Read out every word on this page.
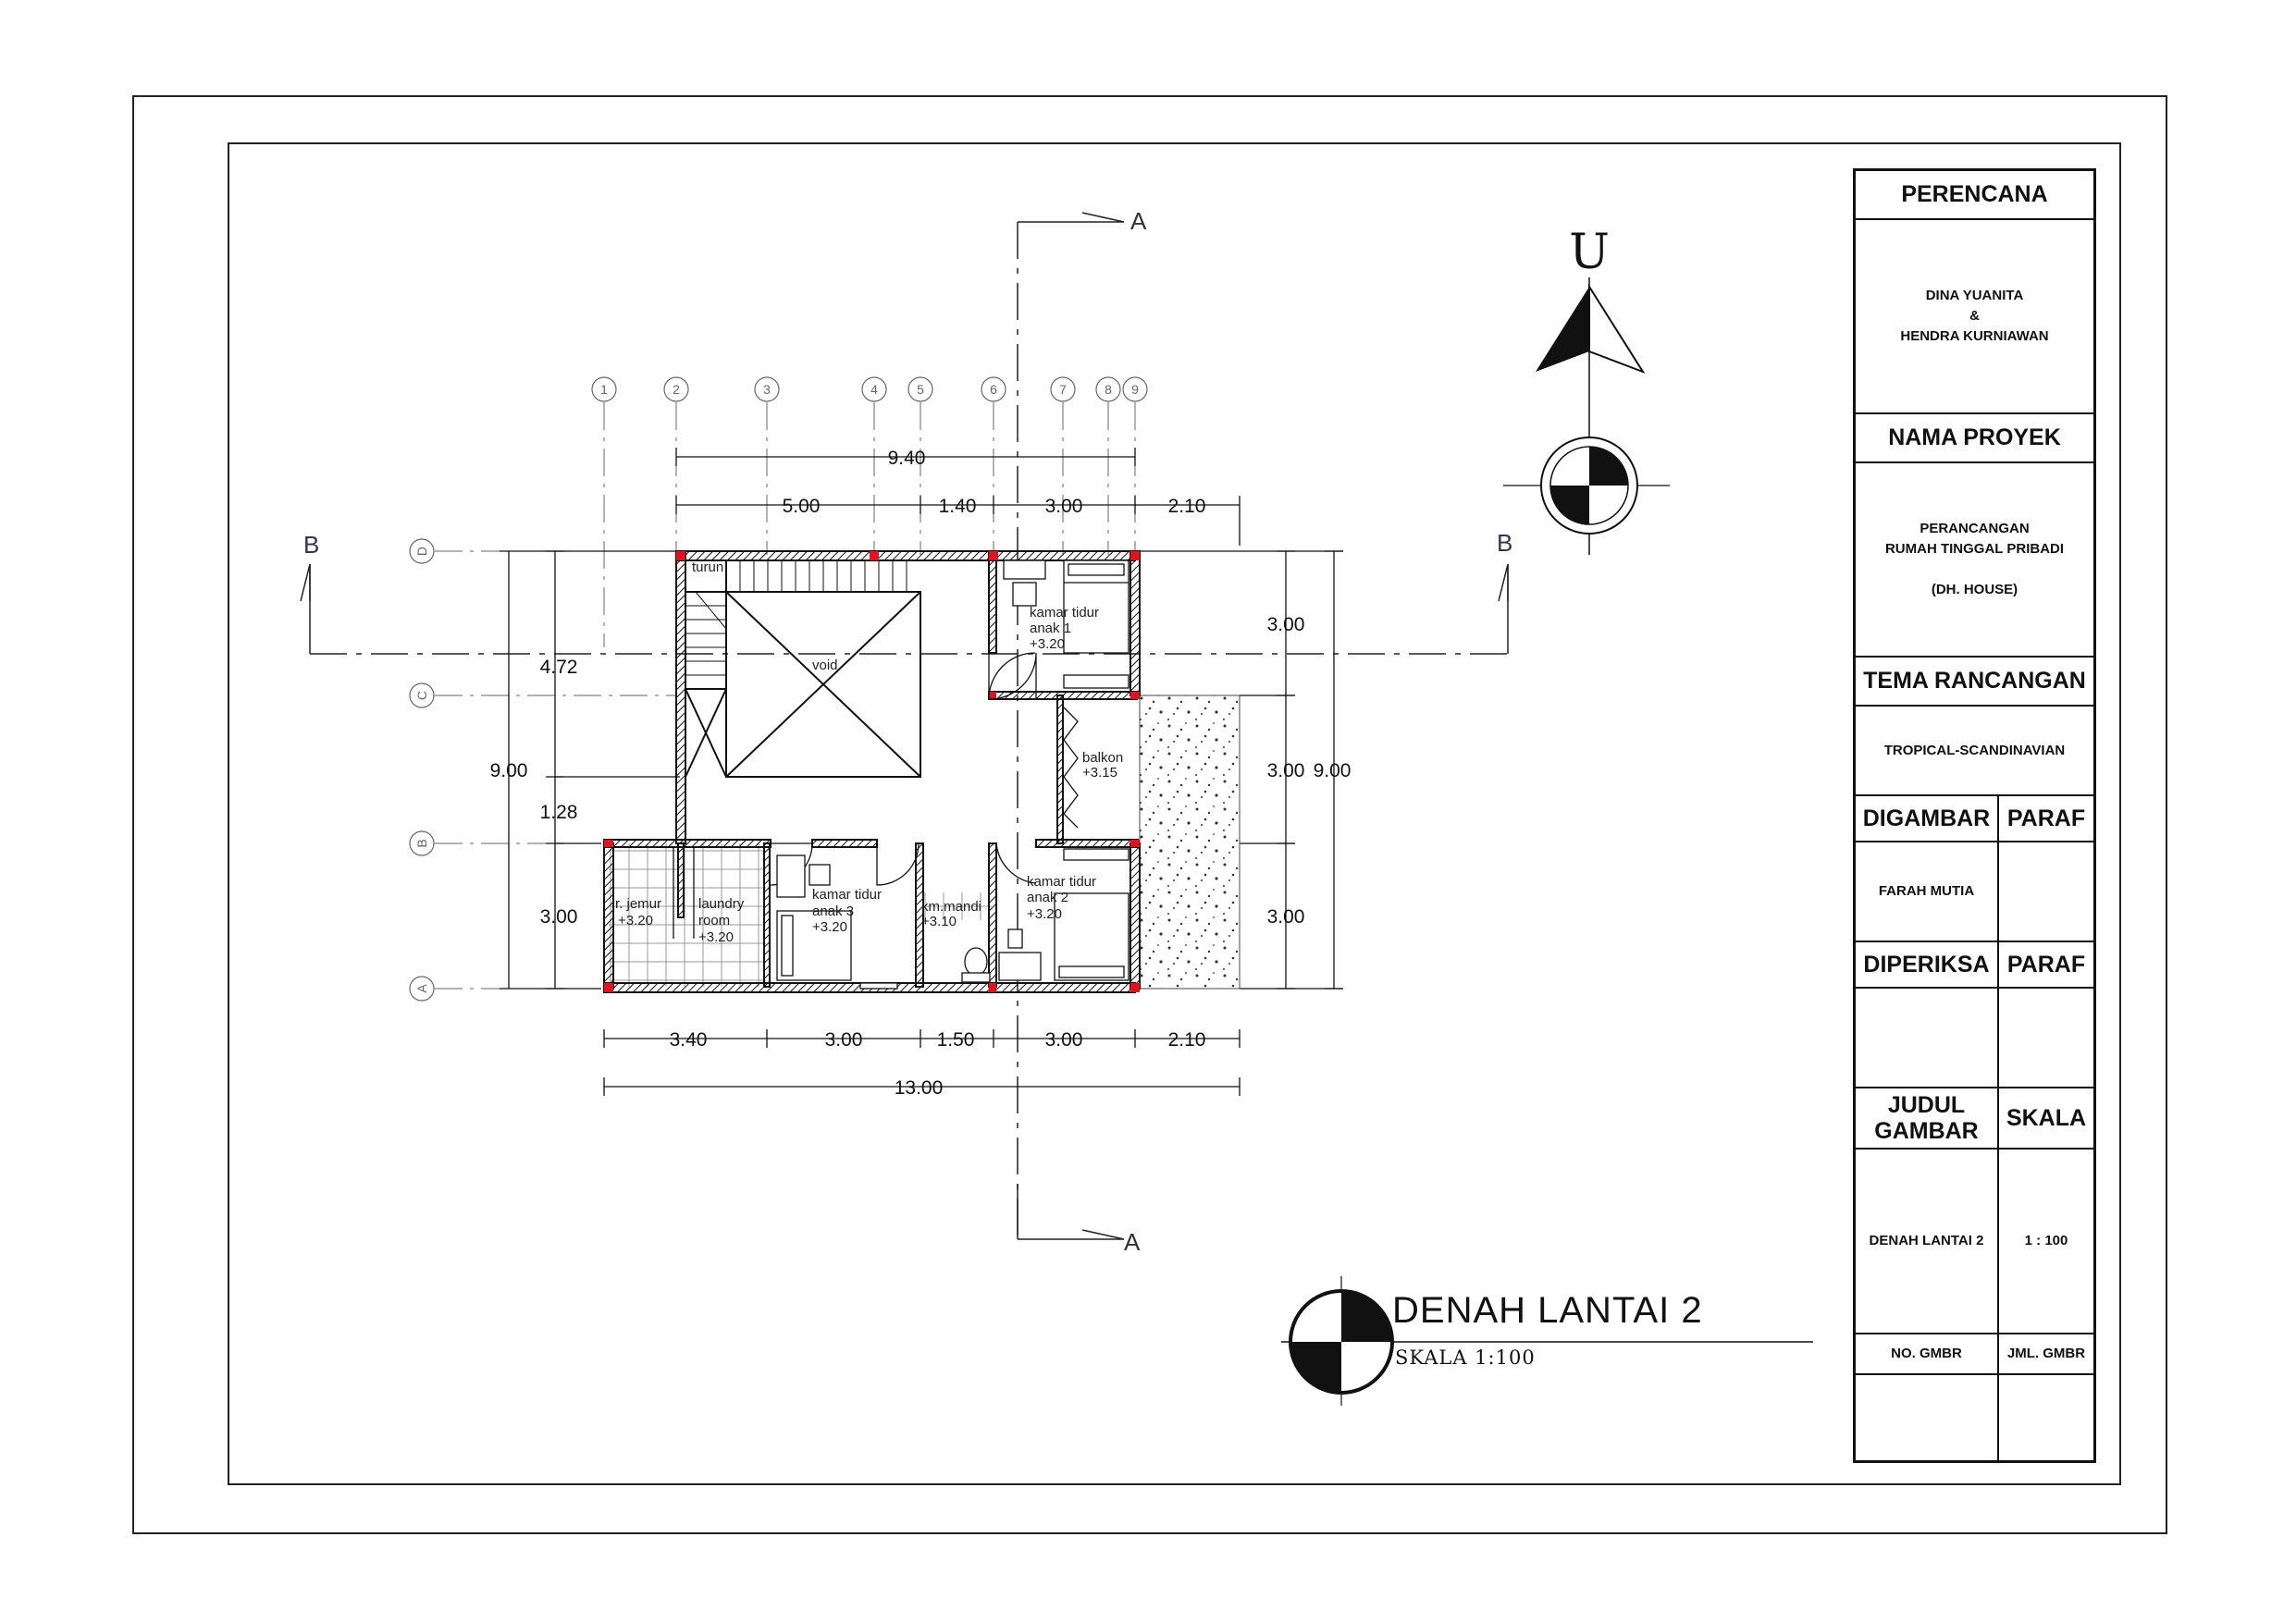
A
A
B	B
1	2	3	4	5	6	7	8 9
D
C
B
A
9.40
5.00	1.40	3.00	2.10
3.40	3.00	1.50	3.00	2.10
13.00
9.00
4.72
1.28
3.00
3.00
3.00
3.00
9.00
turun
void
kamar tidur
anak 1
+3.20
balkon
+3.15
kamar tidur
anak 2
+3.20
kamar tidur
anak 3
+3.20
km.mandi
+3.10
r. jemur
+3.20
laundry
room
+3.20
U
DENAH LANTAI 2
SKALA 1:100
PERENCANA
DINA YUANITA
&
HENDRA KURNIAWAN
NAMA PROYEK
PERANCANGAN
RUMAH TINGGAL PRIBADI

(DH. HOUSE)
TEMA RANCANGAN
TROPICAL-SCANDINAVIAN
DIGAMBAR PARAF
FARAH MUTIA
DIPERIKSA PARAF
JUDUL
GAMBAR	SKALA
DENAH LANTAI 2	1 : 100
NO. GMBR	JML. GMBR
